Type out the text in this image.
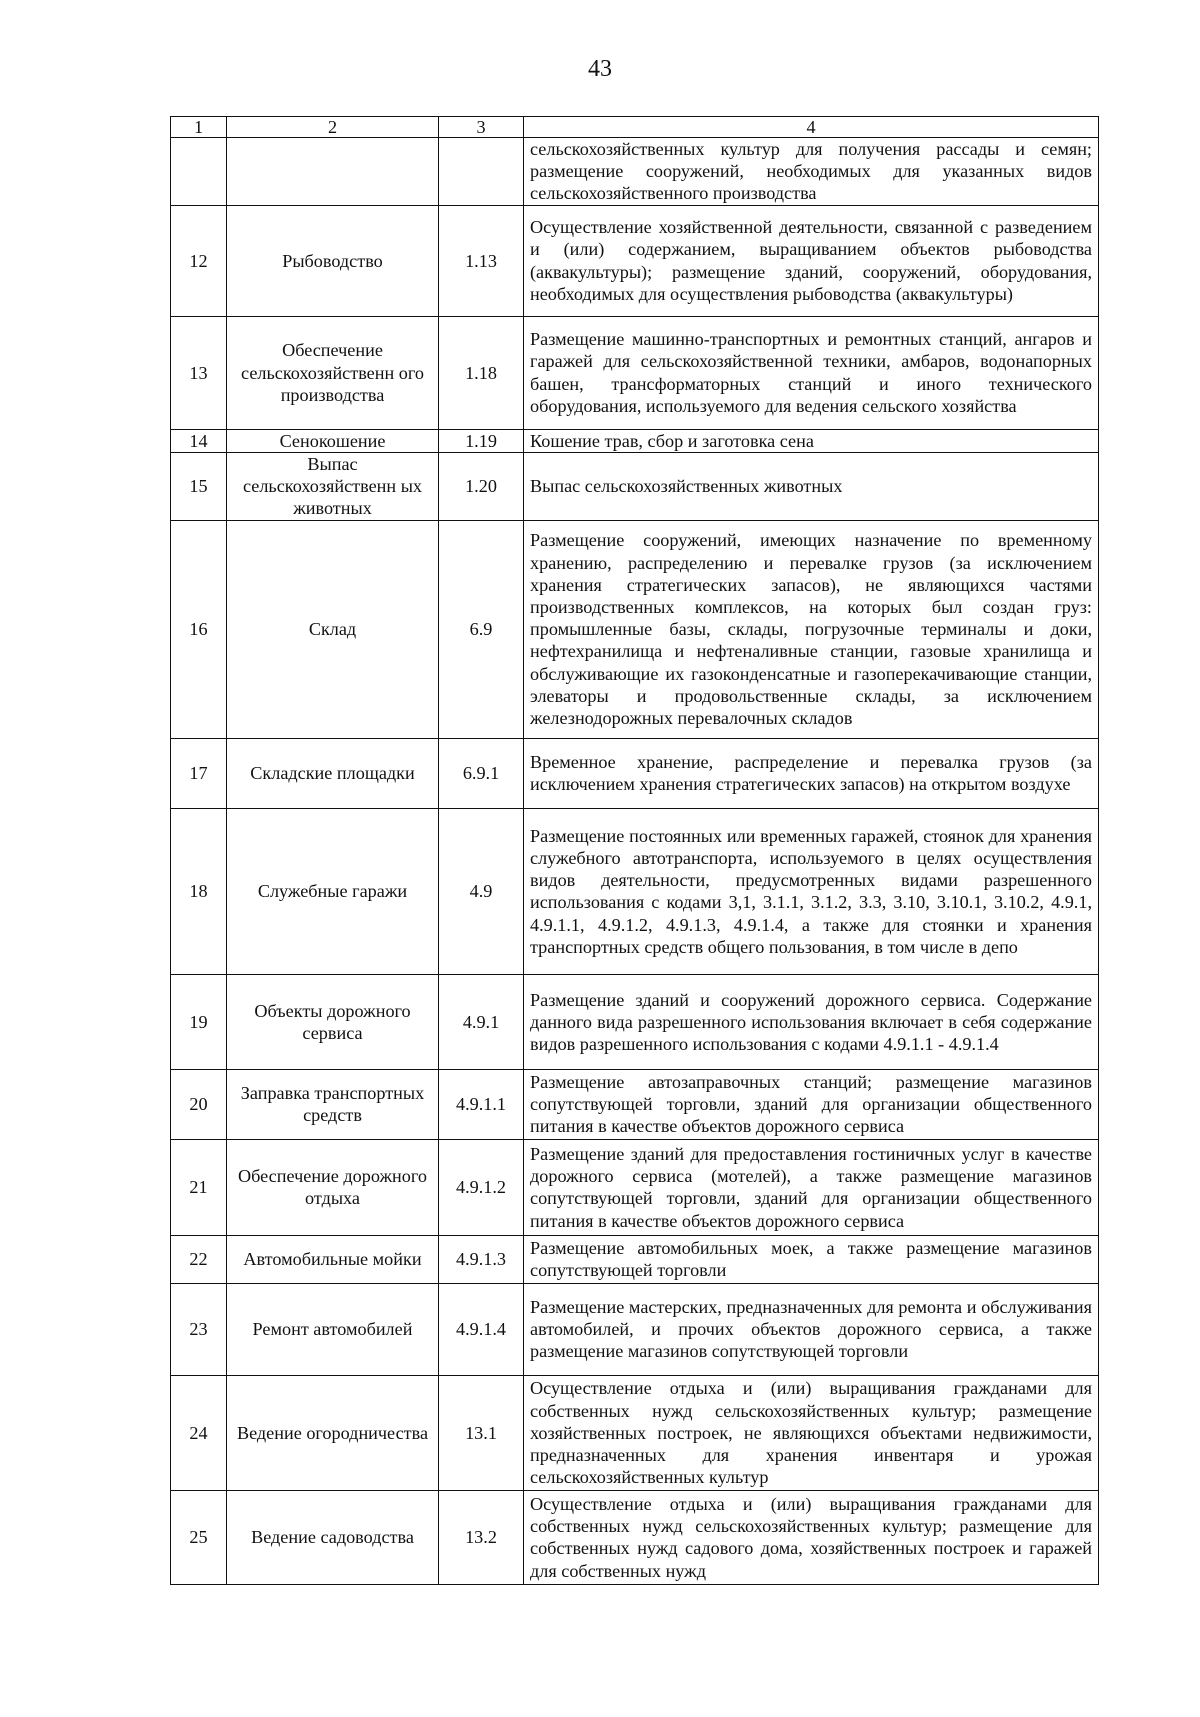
43
1	2	3	4
			сельскохозяйственных культур для получения рассады и семян; размещение сооружений, необходимых для указанных видов сельскохозяйственного производства
12	Рыбоводство	1.13	Осуществление хозяйственной деятельности, связанной с разведением и (или) содержанием, выращиванием объектов рыбоводства (аквакультуры); размещение зданий, сооружений, оборудования, необходимых для осуществления рыбоводства (аквакультуры)
13	Обеспечение сельскохозяйственн ого производства	1.18	Размещение машинно-транспортных и ремонтных станций, ангаров и гаражей для сельскохозяйственной техники, амбаров, водонапорных башен, трансформаторных станций и иного технического оборудования, используемого для ведения сельского хозяйства
14	Сенокошение	1.19	Кошение трав, сбор и заготовка сена
15	Выпас сельскохозяйственн ых животных	1.20	Выпас сельскохозяйственных животных
16	Склад	6.9	Размещение сооружений, имеющих назначение по временному хранению, распределению и перевалке грузов (за исключением хранения стратегических запасов), не являющихся частями производственных комплексов, на которых был создан груз: промышленные базы, склады, погрузочные терминалы и доки, нефтехранилища и нефтеналивные станции, газовые хранилища и обслуживающие их газоконденсатные и газоперекачивающие станции, элеваторы и продовольственные склады, за исключением железнодорожных перевалочных складов
17	Складские площадки	6.9.1	Временное хранение, распределение и перевалка грузов (за исключением хранения стратегических запасов) на открытом воздухе
18	Служебные гаражи	4.9	Размещение постоянных или временных гаражей, стоянок для хранения служебного автотранспорта, используемого в целях осуществления видов деятельности, предусмотренных видами разрешенного использования с кодами 3,1, 3.1.1, 3.1.2, 3.3, 3.10, 3.10.1, 3.10.2, 4.9.1, 4.9.1.1, 4.9.1.2, 4.9.1.3, 4.9.1.4, а также для стоянки и хранения транспортных средств общего пользования, в том числе в депо
19	Объекты дорожного сервиса	4.9.1	Размещение зданий и сооружений дорожного сервиса. Содержание данного вида разрешенного использования включает в себя содержание видов разрешенного использования с кодами 4.9.1.1 - 4.9.1.4
20	Заправка транспортных средств	4.9.1.1	Размещение автозаправочных станций; размещение магазинов сопутствующей торговли, зданий для организации общественного питания в качестве объектов дорожного сервиса
21	Обеспечение дорожного отдыха	4.9.1.2	Размещение зданий для предоставления гостиничных услуг в качестве дорожного сервиса (мотелей), а также размещение магазинов сопутствующей торговли, зданий для организации общественного питания в качестве объектов дорожного сервиса
22	Автомобильные мойки	4.9.1.3	Размещение автомобильных моек, а также размещение магазинов сопутствующей торговли
23	Ремонт автомобилей	4.9.1.4	Размещение мастерских, предназначенных для ремонта и обслуживания автомобилей, и прочих объектов дорожного сервиса, а также размещение магазинов сопутствующей торговли
24	Ведение огородничества	13.1	Осуществление отдыха и (или) выращивания гражданами для собственных нужд сельскохозяйственных культур; размещение хозяйственных построек, не являющихся объектами недвижимости, предназначенных для хранения инвентаря и урожая сельскохозяйственных культур
25	Ведение садоводства	13.2	Осуществление отдыха и (или) выращивания гражданами для собственных нужд сельскохозяйственных культур; размещение для собственных нужд садового дома, хозяйственных построек и гаражей для собственных нужд
